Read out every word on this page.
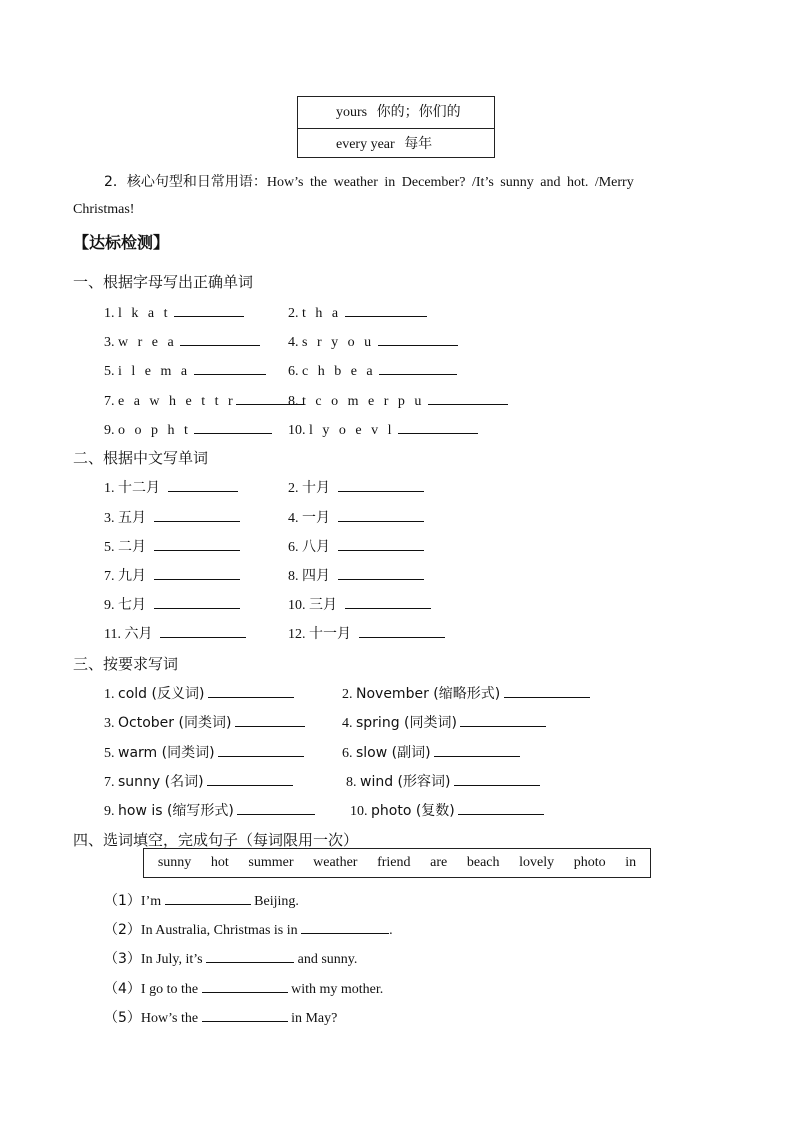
yours 你的；你们的
every year 每年
2．核心句型和日常用语：How’s the weather in December? /It’s sunny and hot. /Merry
Christmas!
【达标检测】
一、根据字母写出正确单词
1. l k a t	2. t h a
3. w r e a	4. s r y o u
5. i l e m a	6. c h b e a
7. e a w h e t t r	8. t c o m e r p u
9. o o p h t	10. l y o e v l
二、根据中文写单词
1. 十二月	2. 十月
3. 五月	4. 一月
5. 二月	6. 八月
7. 九月	8. 四月
9. 七月	10. 三月
11. 六月	12. 十一月
三、按要求写词
1. cold (反义词)	2. November (缩略形式)
3. October (同类词)	4. spring (同类词)
5. warm (同类词)	6. slow (副词)
7. sunny (名词)	8. wind (形容词)
9. how is (缩写形式)	10. photo (复数)
四、选词填空，完成句子（每词限用一次）
sunny hot summer weather friend are beach lovely photo in
（1）I’m	Beijing.
（2）In Australia, Christmas is in	.
（3）In July, it’s	and sunny.
（4）I go to the	with my mother.
（5）How’s the	in May?
